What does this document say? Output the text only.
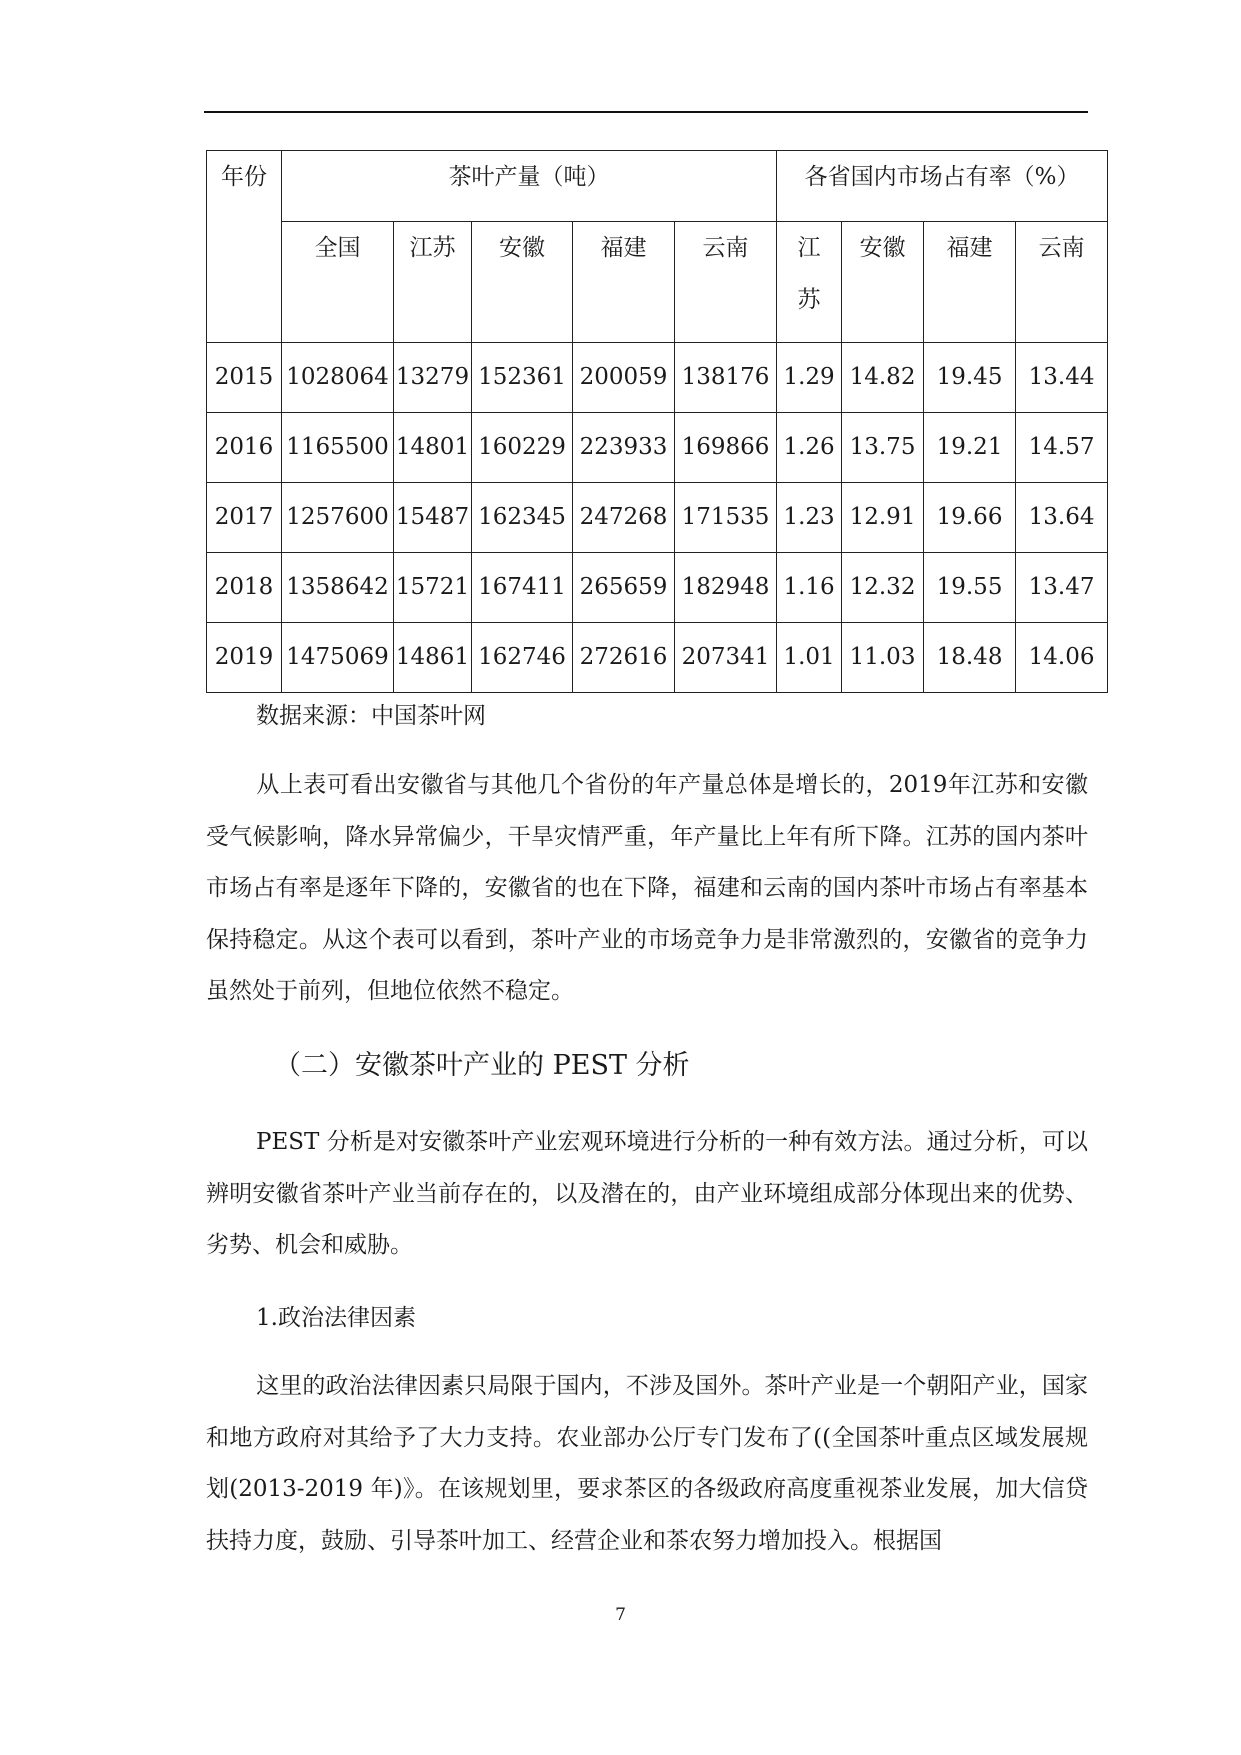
年份	茶叶产量（吨）					各省国内市场占有率（%）			
	全国	江苏	安徽	福建	云南	江苏	安徽	福建	云南
2015	1028064	13279	152361	200059	138176	1.29	14.82	19.45	13.44
2016	1165500	14801	160229	223933	169866	1.26	13.75	19.21	14.57
2017	1257600	15487	162345	247268	171535	1.23	12.91	19.66	13.64
2018	1358642	15721	167411	265659	182948	1.16	12.32	19.55	13.47
2019	1475069	14861	162746	272616	207341	1.01	11.03	18.48	14.06
数据来源：中国茶叶网
从上表可看出安徽省与其他几个省份的年产量总体是增长的，2019年江苏和安徽受气候影响，降水异常偏少，干旱灾情严重，年产量比上年有所下降。江苏的国内茶叶市场占有率是逐年下降的，安徽省的也在下降，福建和云南的国内茶叶市场占有率基本保持稳定。从这个表可以看到，茶叶产业的市场竞争力是非常激烈的，安徽省的竞争力虽然处于前列，但地位依然不稳定。
（二）安徽茶叶产业的 PEST 分析
PEST 分析是对安徽茶叶产业宏观环境进行分析的一种有效方法。通过分析，可以辨明安徽省茶叶产业当前存在的，以及潜在的，由产业环境组成部分体现出来的优势、劣势、机会和威胁。
1.政治法律因素
这里的政治法律因素只局限于国内，不涉及国外。茶叶产业是一个朝阳产业，国家和地方政府对其给予了大力支持。农业部办公厅专门发布了((全国茶叶重点区域发展规划(2013-2019 年)》。在该规划里，要求茶区的各级政府高度重视茶业发展，加大信贷扶持力度，鼓励、引导茶叶加工、经营企业和茶农努力增加投入。根据国
7
